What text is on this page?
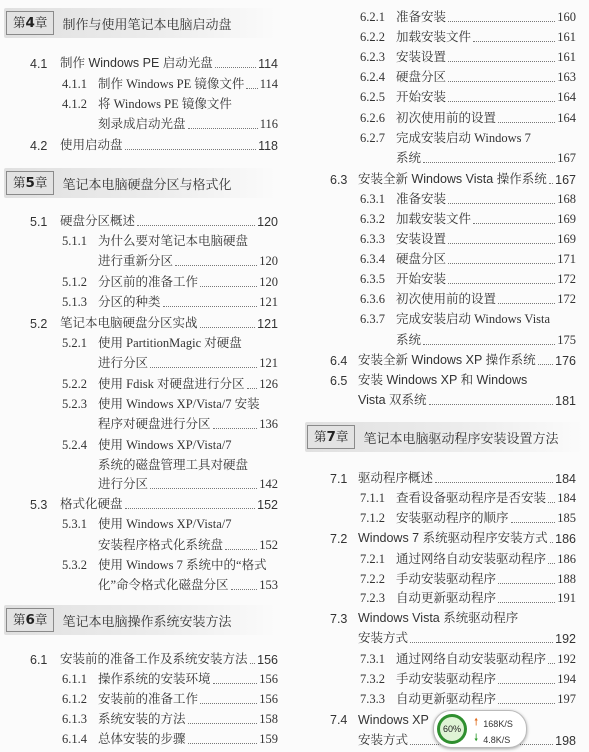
第4章	制作与使用笔记本电脑启动盘
第5章	笔记本电脑硬盘分区与格式化
第6章	笔记本电脑操作系统安装方法
第7章	笔记本电脑驱动程序安装设置方法
4.1	制作 Windows PE 启动光盘	114
4.1.1 制作 Windows PE 镜像文件 114
4.1.2 将 Windows PE 镜像文件
刻录成启动光盘	116
4.2	使用启动盘	118
5.1	硬盘分区概述	120
5.1.1 为什么要对笔记本电脑硬盘
进行重新分区	120
5.1.2 分区前的准备工作	120
5.1.3 分区的种类	121
5.2	笔记本电脑硬盘分区实战	121
5.2.1 使用 PartitionMagic 对硬盘
进行分区	121
5.2.2 使用 Fdisk 对硬盘进行分区 126
5.2.3 使用 Windows XP/Vista/7 安装
程序对硬盘进行分区	136
5.2.4 使用 Windows XP/Vista/7
系统的磁盘管理工具对硬盘
进行分区	142
5.3	格式化硬盘	152
5.3.1 使用 Windows XP/Vista/7
安装程序格式化系统盘	152
5.3.2 使用 Windows 7 系统中的“格式
化”命令格式化磁盘分区 153
6.1	安装前的准备工作及系统安装方法 156
6.1.1 操作系统的安装环境	156
6.1.2 安装前的准备工作	156
6.1.3 系统安装的方法	158
6.1.4 总体安装的步骤	159
6.2.1 准备安装	160
6.2.2 加载安装文件	161
6.2.3 安装设置	161
6.2.4 硬盘分区	163
6.2.5 开始安装	164
6.2.6 初次使用前的设置	164
6.2.7 完成安装启动 Windows 7
系统	167
6.3 安装全新 Windows Vista 操作系统 167
6.3.1 准备安装	168
6.3.2 加载安装文件	169
6.3.3 安装设置	169
6.3.4 硬盘分区	171
6.3.5 开始安装	172
6.3.6 初次使用前的设置	172
6.3.7 完成安装启动 Windows Vista
系统	175
6.4 安装全新 Windows XP 操作系统 176
6.5 安装 Windows XP 和 Windows
Vista 双系统	181
7.1 驱动程序概述	184
7.1.1 查看设备驱动程序是否安装 184
7.1.2 安装驱动程序的顺序	185
7.2 Windows 7 系统驱动程序安装方式 186
7.2.1 通过网络自动安装驱动程序 186
7.2.2 手动安装驱动程序	188
7.2.3 自动更新驱动程序	191
7.3 Windows Vista 系统驱动程序
安装方式	192
7.3.1 通过网络自动安装驱动程序 192
7.3.2 手动安装驱动程序	194
7.3.3 自动更新驱动程序	197
7.4 Windows XP
安装方式	198
60%
🠕 168K/S
🠗 4.8K/S
